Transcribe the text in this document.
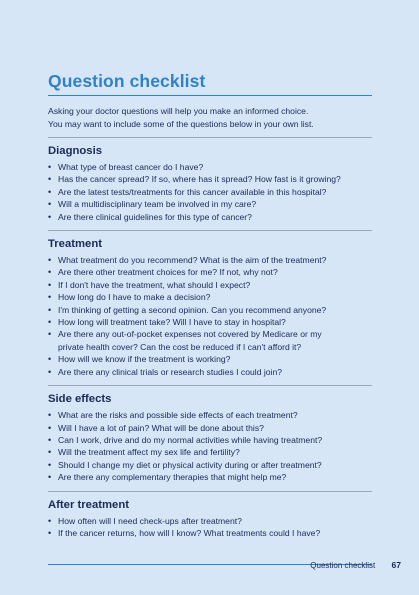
Question checklist
Asking your doctor questions will help you make an informed choice.
You may want to include some of the questions below in your own list.
Diagnosis
• What type of breast cancer do I have?
• Has the cancer spread? If so, where has it spread? How fast is it growing?
• Are the latest tests/treatments for this cancer available in this hospital?
• Will a multidisciplinary team be involved in my care?
• Are there clinical guidelines for this type of cancer?
Treatment
• What treatment do you recommend? What is the aim of the treatment?
• Are there other treatment choices for me? If not, why not?
• If I don't have the treatment, what should I expect?
• How long do I have to make a decision?
• I'm thinking of getting a second opinion. Can you recommend anyone?
• How long will treatment take? Will I have to stay in hospital?
• Are there any out-of-pocket expenses not covered by Medicare or my
private health cover? Can the cost be reduced if I can't afford it?
• How will we know if the treatment is working?
• Are there any clinical trials or research studies I could join?
Side effects
• What are the risks and possible side effects of each treatment?
• Will I have a lot of pain? What will be done about this?
• Can I work, drive and do my normal activities while having treatment?
• Will the treatment affect my sex life and fertility?
• Should I change my diet or physical activity during or after treatment?
• Are there any complementary therapies that might help me?
After treatment
• How often will I need check-ups after treatment?
• If the cancer returns, how will I know? What treatments could I have?
Question checklist 67
